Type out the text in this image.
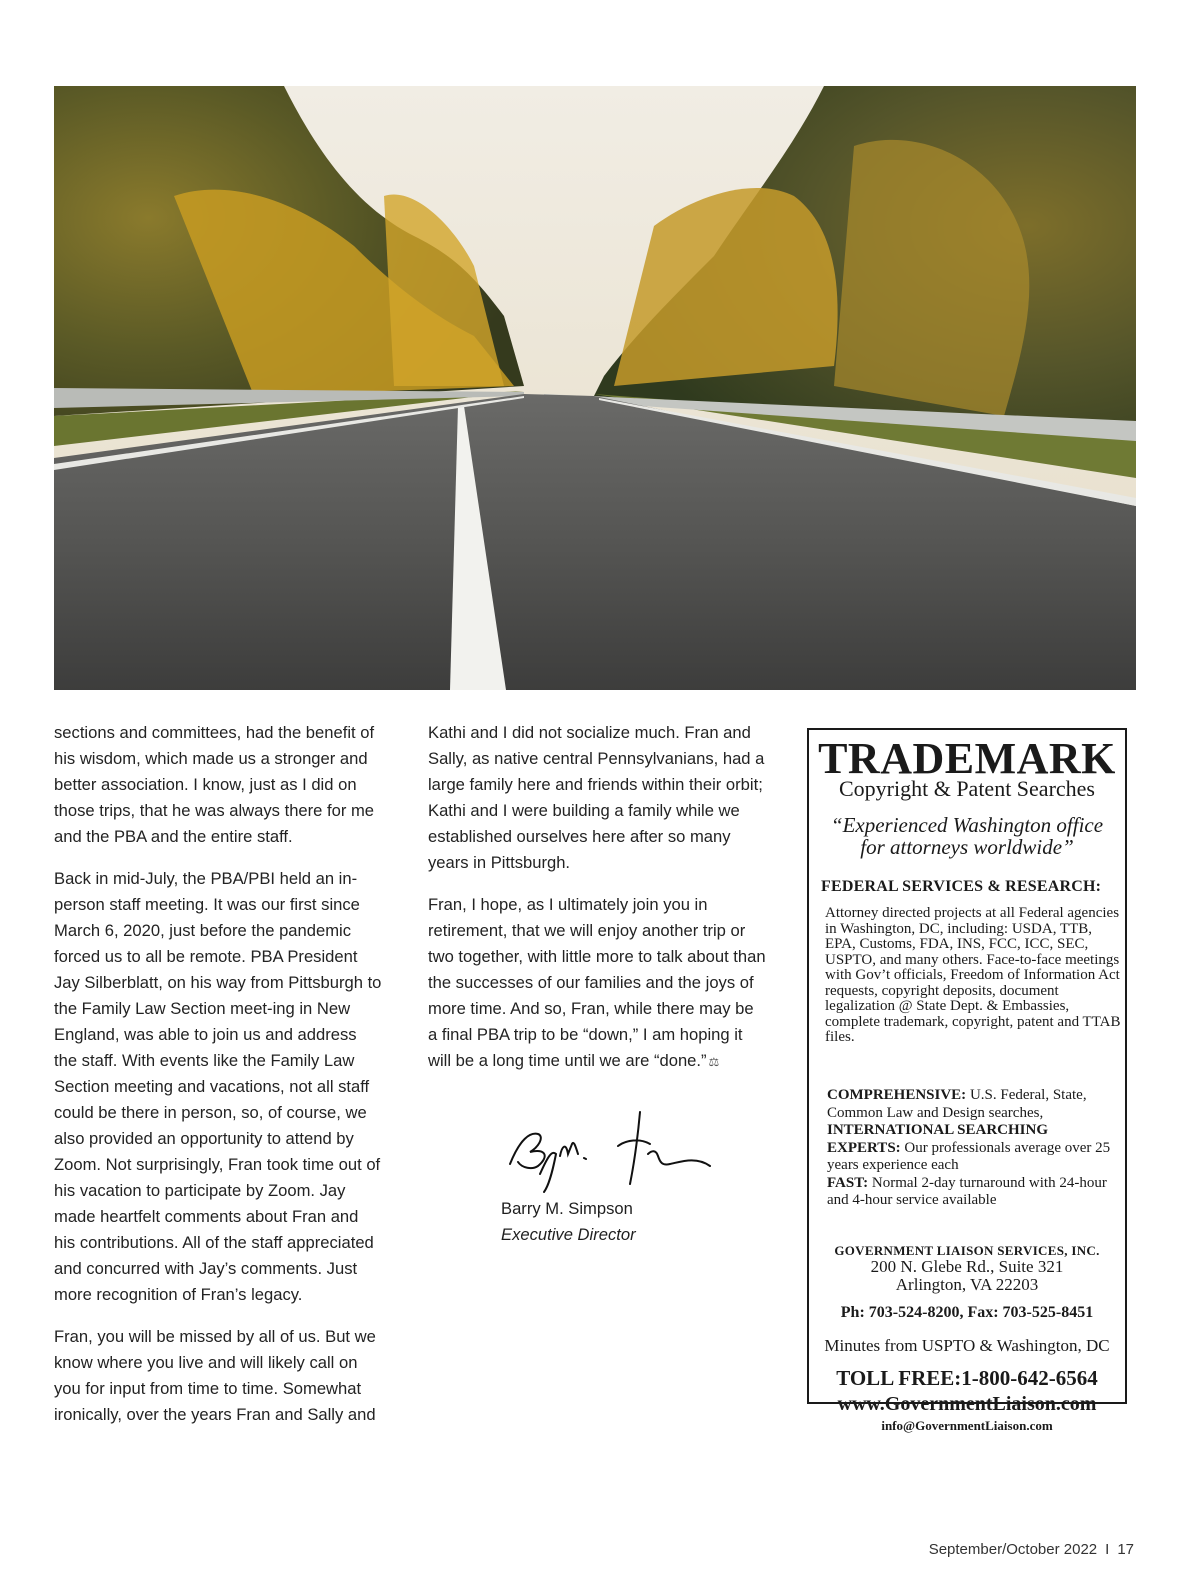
sections and committees, had the benefit of his wisdom, which made us a stronger and better association. I know, just as I did on those trips, that he was always there for me and the PBA and the entire staff.

Back in mid-July, the PBA/PBI held an in-person staff meeting. It was our first since March 6, 2020, just before the pandemic forced us to all be remote. PBA President Jay Silberblatt, on his way from Pittsburgh to the Family Law Section meet-ing in New England, was able to join us and address the staff. With events like the Family Law Section meeting and vacations, not all staff could be there in person, so, of course, we also provided an opportunity to attend by Zoom. Not surprisingly, Fran took time out of his vacation to participate by Zoom. Jay made heartfelt comments about Fran and his contributions. All of the staff appreciated and concurred with Jay’s comments. Just more recognition of Fran’s legacy.

Fran, you will be missed by all of us. But we know where you live and will likely call on you for input from time to time. Somewhat ironically, over the years Fran and Sally and

Kathi and I did not socialize much. Fran and Sally, as native central Pennsylvanians, had a large family here and friends within their orbit; Kathi and I were building a family while we established ourselves here after so many years in Pittsburgh.

Fran, I hope, as I ultimately join you in retirement, that we will enjoy another trip or two together, with little more to talk about than the successes of our families and the joys of more time. And so, Fran, while there may be a final PBA trip to be “down,” I am hoping it will be a long time until we are “done.” ⚖

Barry M. Simpson
Executive Director
TRADEMARK
Copyright & Patent Searches
“Experienced Washington office
for attorneys worldwide”
FEDERAL SERVICES & RESEARCH:
Attorney directed projects at all Federal agencies in Washington, DC, including: USDA, TTB, EPA, Customs, FDA, INS, FCC, ICC, SEC, USPTO, and many others. Face-to-face meetings with Gov’t officials, Freedom of Information Act requests, copyright deposits, document legalization @ State Dept. & Embassies, complete trademark, copyright, patent and TTAB files.
COMPREHENSIVE: U.S. Federal, State, Common Law and Design searches,
INTERNATIONAL SEARCHING EXPERTS: Our professionals average over 25 years experience each
FAST: Normal 2-day turnaround with 24-hour and 4-hour service available
GOVERNMENT LIAISON SERVICES, INC.
200 N. Glebe Rd., Suite 321
Arlington, VA 22203
Ph: 703-524-8200, Fax: 703-525-8451
Minutes from USPTO & Washington, DC
TOLL FREE:1-800-642-6564
www.GovernmentLiaison.com
info@GovernmentLiaison.com
September/October 2022 I 17
